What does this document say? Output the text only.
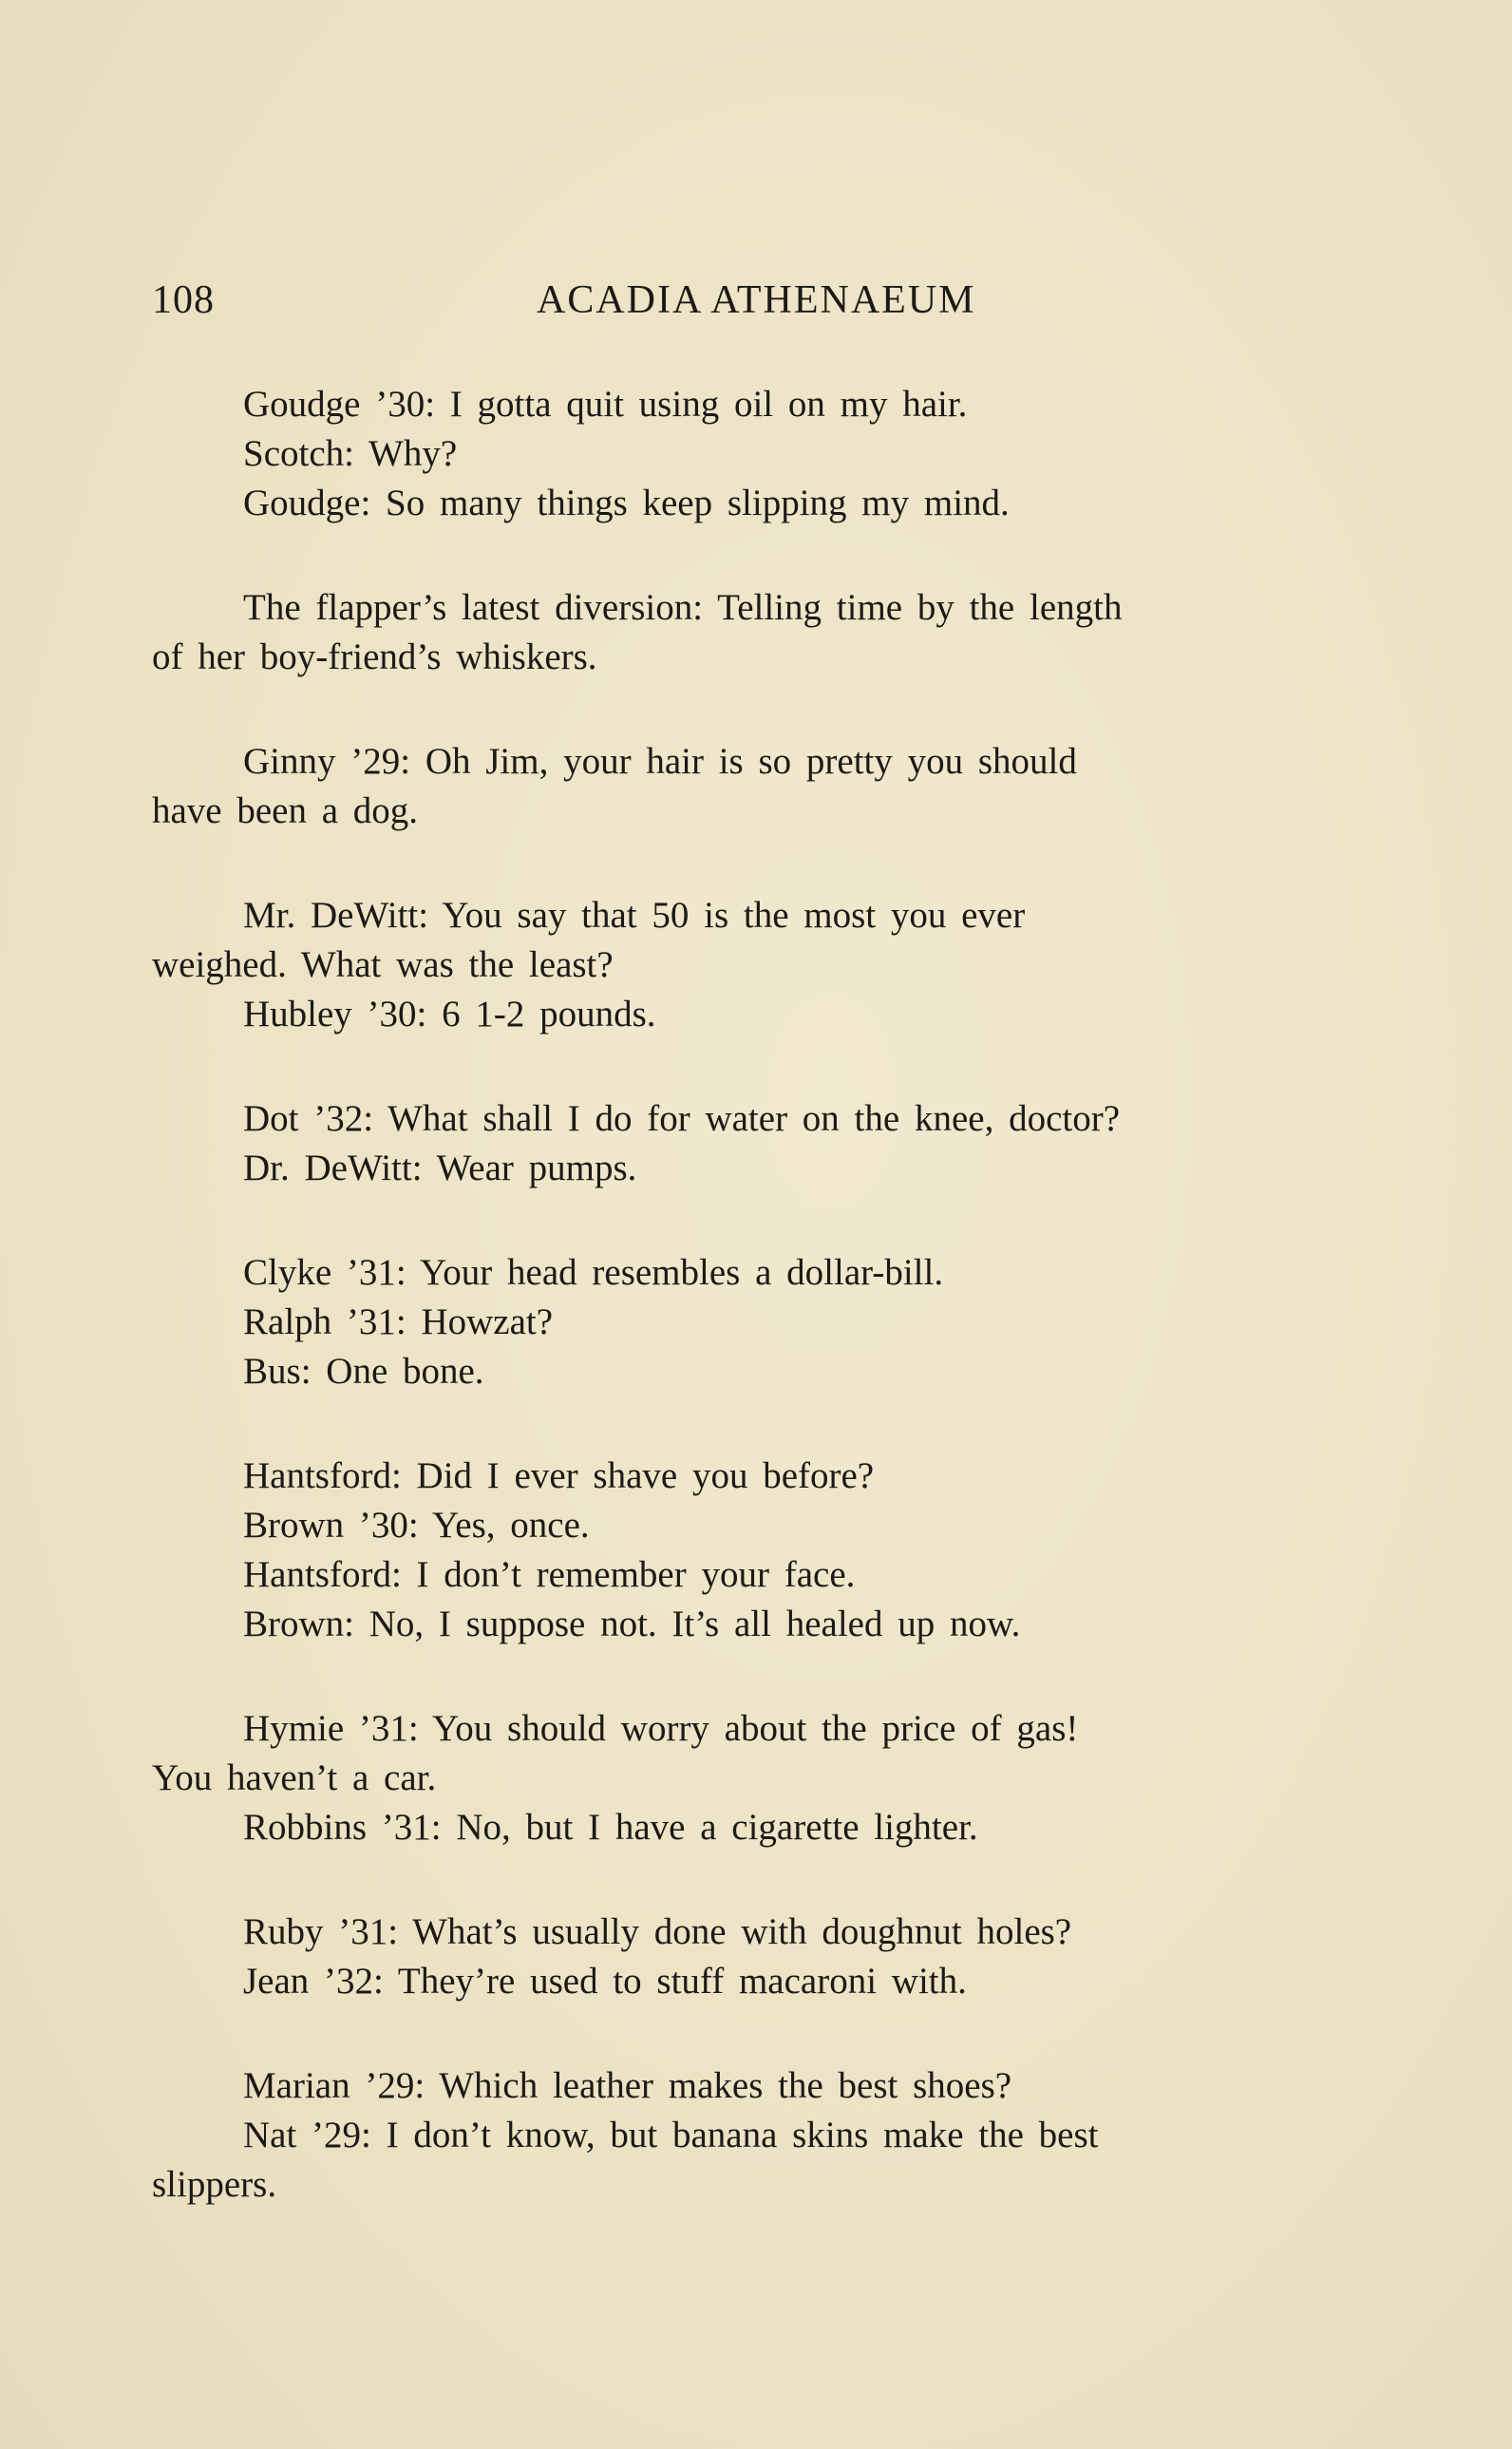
108	ACADIA ATHENAEUM
Goudge ’30: I gotta quit using oil on my hair.
Scotch: Why?
Goudge: So many things keep slipping my mind.
The flapper’s latest diversion: Telling time by the length
of her boy-friend’s whiskers.
Ginny ’29: Oh Jim, your hair is so pretty you should
have been a dog.
Mr. DeWitt: You say that 50 is the most you ever
weighed. What was the least?
Hubley ’30: 6 1-2 pounds.
Dot ’32: What shall I do for water on the knee, doctor?
Dr. DeWitt: Wear pumps.
Clyke ’31: Your head resembles a dollar-bill.
Ralph ’31: Howzat?
Bus: One bone.
Hantsford: Did I ever shave you before?
Brown ’30: Yes, once.
Hantsford: I don’t remember your face.
Brown: No, I suppose not. It’s all healed up now.
Hymie ’31: You should worry about the price of gas!
You haven’t a car.
Robbins ’31: No, but I have a cigarette lighter.
Ruby ’31: What’s usually done with doughnut holes?
Jean ’32: They’re used to stuff macaroni with.
Marian ’29: Which leather makes the best shoes?
Nat ’29: I don’t know, but banana skins make the best
slippers.
